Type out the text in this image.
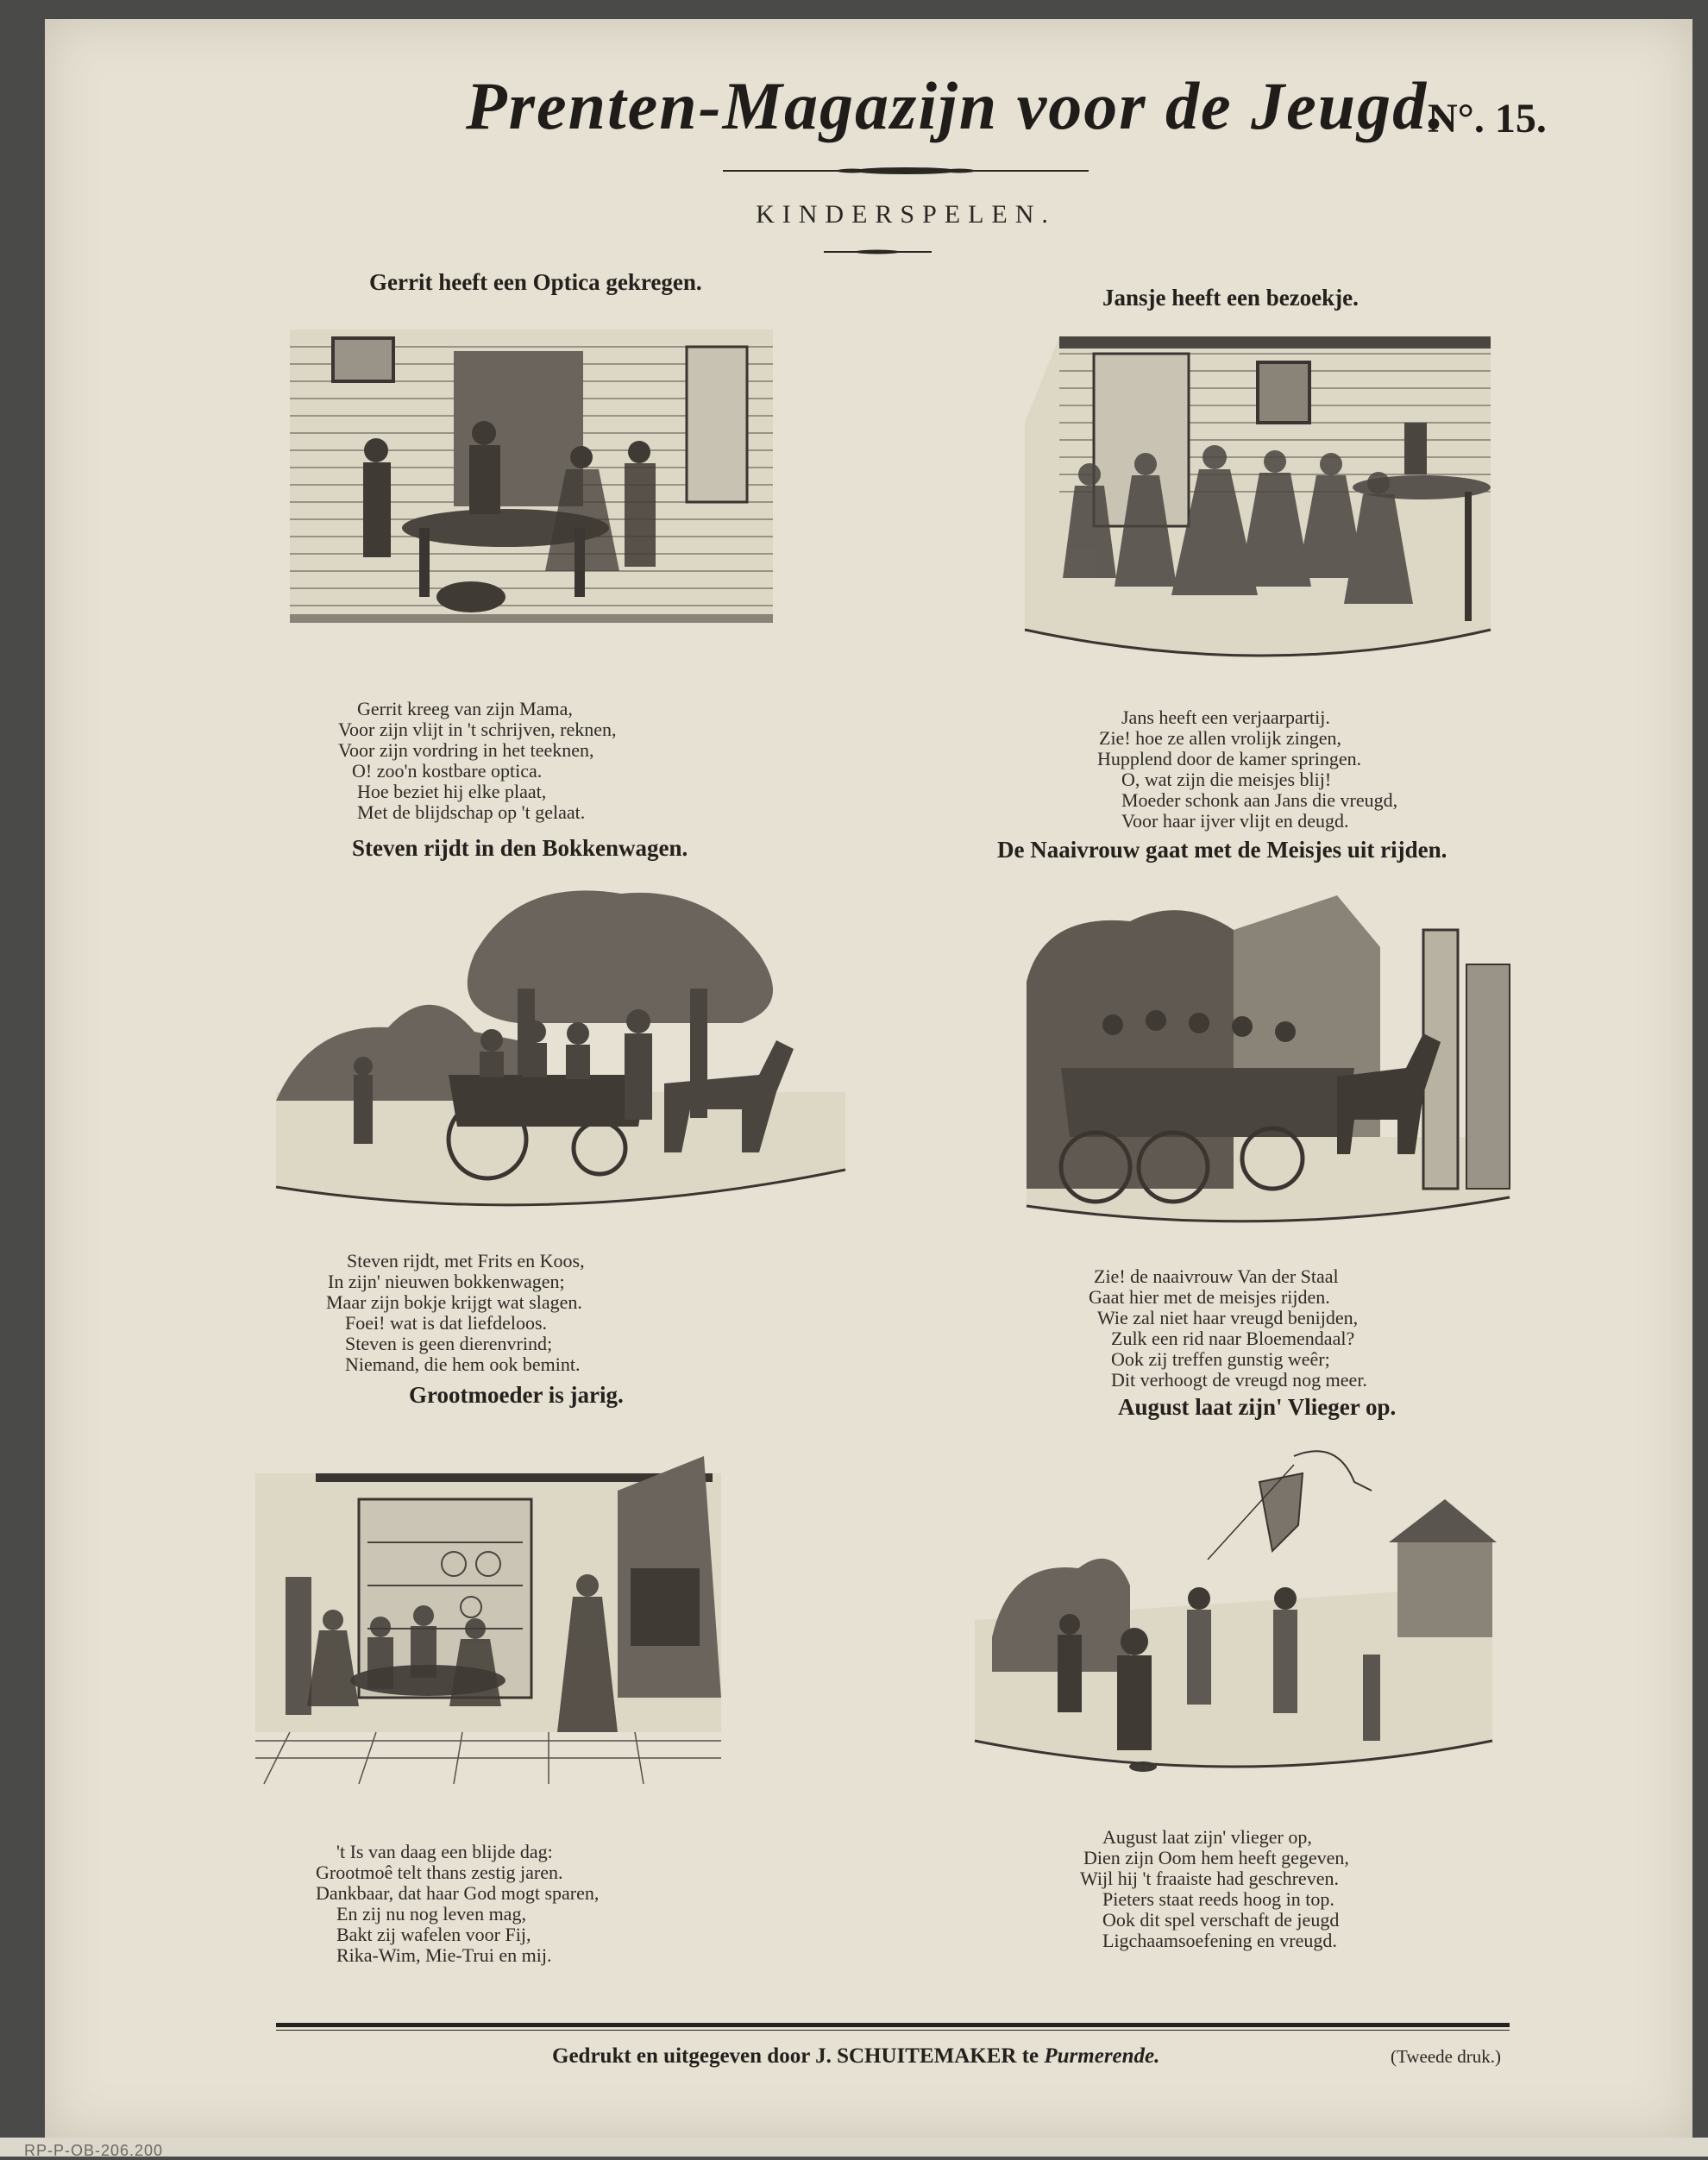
RP-P-OB-206.200
Prenten-Magazijn voor de Jeugd.
N°. 15.
KINDERSPELEN.
Gerrit heeft een Optica gekregen.
Gerrit kreeg van zijn Mama,
Voor zijn vlijt in 't schrijven, reknen,
Voor zijn vordring in het teeknen,
O! zoo'n kostbare optica.
Hoe beziet hij elke plaat,
Met de blijdschap op 't gelaat.
Jansje heeft een bezoekje.
Jans heeft een verjaarpartij.
Zie! hoe ze allen vrolijk zingen,
Hupplend door de kamer springen.
O, wat zijn die meisjes blij!
Moeder schonk aan Jans die vreugd,
Voor haar ijver vlijt en deugd.
Steven rijdt in den Bokkenwagen.
Steven rijdt, met Frits en Koos,
In zijn' nieuwen bokkenwagen;
Maar zijn bokje krijgt wat slagen.
Foei! wat is dat liefdeloos.
Steven is geen dierenvrind;
Niemand, die hem ook bemint.
De Naaivrouw gaat met de Meisjes uit rijden.
Zie! de naaivrouw Van der Staal
Gaat hier met de meisjes rijden.
Wie zal niet haar vreugd benijden,
Zulk een rid naar Bloemendaal?
Ook zij treffen gunstig weêr;
Dit verhoogt de vreugd nog meer.
Grootmoeder is jarig.
't Is van daag een blijde dag:
Grootmoê telt thans zestig jaren.
Dankbaar, dat haar God mogt sparen,
En zij nu nog leven mag,
Bakt zij wafelen voor Fij,
Rika-Wim, Mie-Trui en mij.
August laat zijn' Vlieger op.
August laat zijn' vlieger op,
Dien zijn Oom hem heeft gegeven,
Wijl hij 't fraaiste had geschreven.
Pieters staat reeds hoog in top.
Ook dit spel verschaft de jeugd
Ligchaamsoefening en vreugd.
Gedrukt en uitgegeven door J. SCHUITEMAKER te Purmerende.	(Tweede druk.)
